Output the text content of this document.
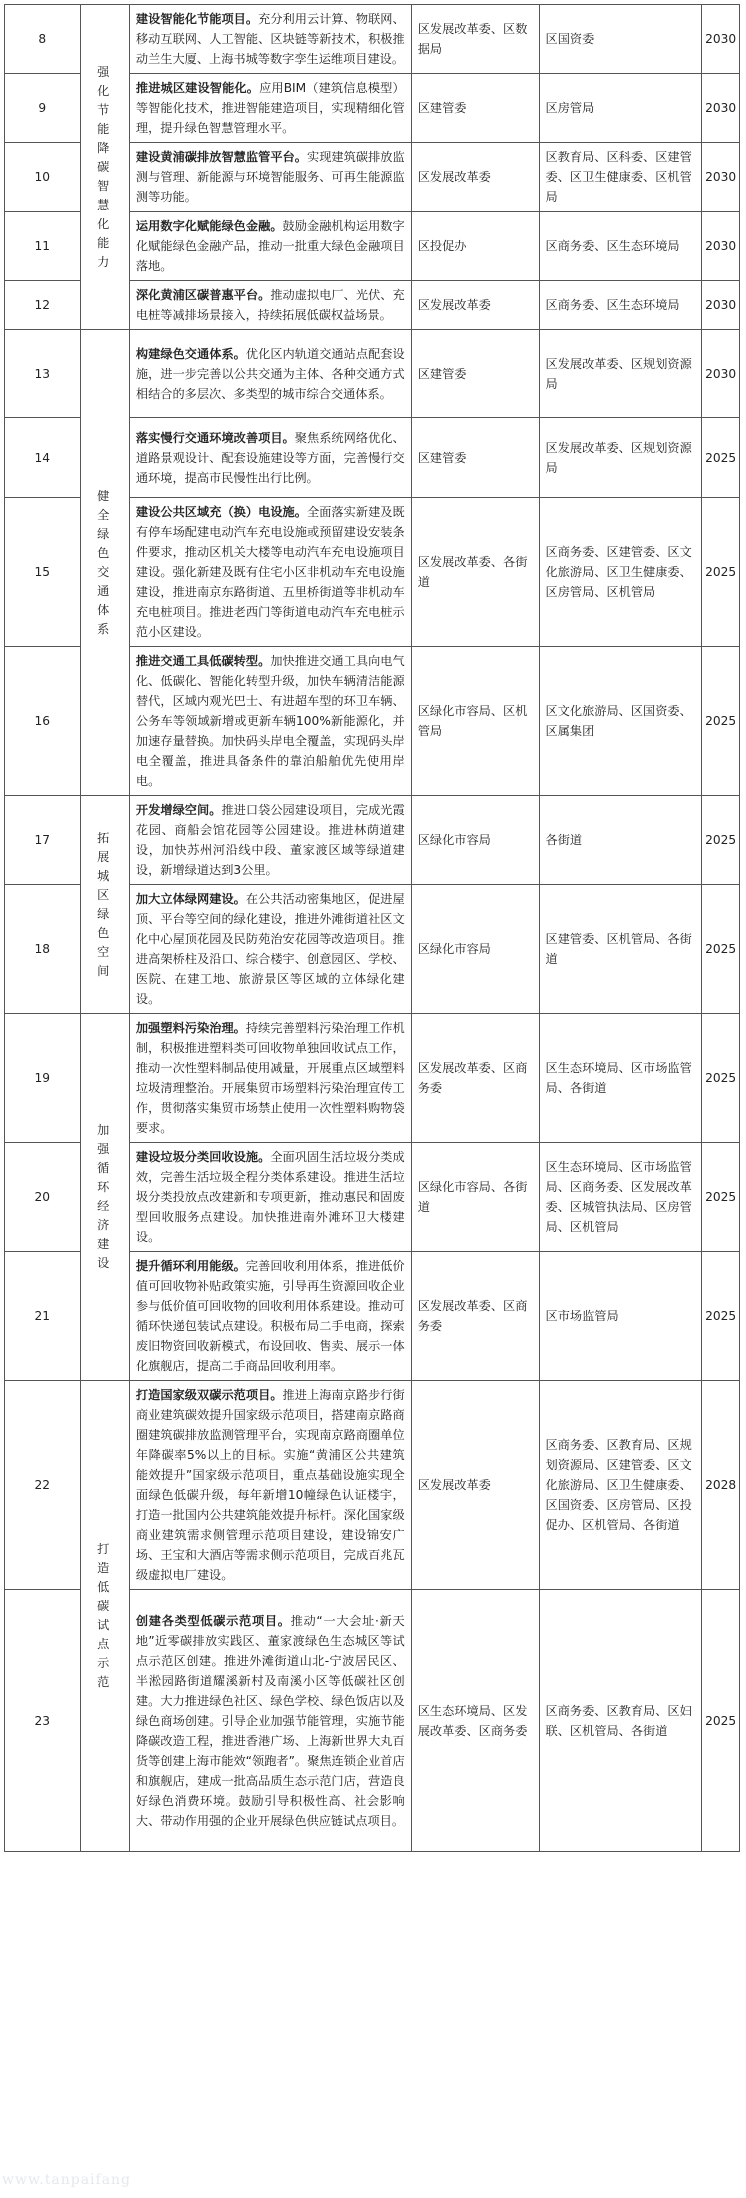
8	强化节能降碳智慧化能力	建设智能化节能项目。充分利用云计算、物联网、移动互联网、人工智能、区块链等新技术，积极推动兰生大厦、上海书城等数字孪生运维项目建设。	区发展改革委、区数据局	区国资委	2030
9		推进城区建设智能化。应用BIM（建筑信息模型）等智能化技术，推进智能建造项目，实现精细化管理，提升绿色智慧管理水平。	区建管委	区房管局	2030
10		建设黄浦碳排放智慧监管平台。实现建筑碳排放监测与管理、新能源与环境智能服务、可再生能源监测等功能。	区发展改革委	区教育局、区科委、区建管委、区卫生健康委、区机管局	2030
11		运用数字化赋能绿色金融。鼓励金融机构运用数字化赋能绿色金融产品，推动一批重大绿色金融项目落地。	区投促办	区商务委、区生态环境局	2030
12		深化黄浦区碳普惠平台。推动虚拟电厂、光伏、充电桩等减排场景接入，持续拓展低碳权益场景。	区发展改革委	区商务委、区生态环境局	2030
13	健全绿色交通体系	构建绿色交通体系。优化区内轨道交通站点配套设施，进一步完善以公共交通为主体、各种交通方式相结合的多层次、多类型的城市综合交通体系。	区建管委	区发展改革委、区规划资源局	2030
14		落实慢行交通环境改善项目。聚焦系统网络优化、道路景观设计、配套设施建设等方面，完善慢行交通环境，提高市民慢性出行比例。	区建管委	区发展改革委、区规划资源局	2025
15		建设公共区域充（换）电设施。全面落实新建及既有停车场配建电动汽车充电设施或预留建设安装条件要求，推动区机关大楼等电动汽车充电设施项目建设。强化新建及既有住宅小区非机动车充电设施建设，推进南京东路街道、五里桥街道等非机动车充电桩项目。推进老西门等街道电动汽车充电桩示范小区建设。	区发展改革委、各街道	区商务委、区建管委、区文化旅游局、区卫生健康委、区房管局、区机管局	2025
16		推进交通工具低碳转型。加快推进交通工具向电气化、低碳化、智能化转型升级，加快车辆清洁能源替代，区域内观光巴士、有进超车型的环卫车辆、公务车等领域新增或更新车辆100%新能源化，并加速存量替换。加快码头岸电全覆盖，实现码头岸电全覆盖，推进具备条件的靠泊船舶优先使用岸电。	区绿化市容局、区机管局	区文化旅游局、区国资委、区属集团	2025
17	拓展城区绿色空间	开发增绿空间。推进口袋公园建设项目，完成光霞花园、商船会馆花园等公园建设。推进林荫道建设，加快苏州河沿线中段、董家渡区域等绿道建设，新增绿道达到3公里。	区绿化市容局	各街道	2025
18		加大立体绿网建设。在公共活动密集地区，促进屋顶、平台等空间的绿化建设，推进外滩街道社区文化中心屋顶花园及民防苑治安花园等改造项目。推进高架桥柱及沿口、综合楼宇、创意园区、学校、医院、在建工地、旅游景区等区域的立体绿化建设。	区绿化市容局	区建管委、区机管局、各街道	2025
19	加强循环经济建设	加强塑料污染治理。持续完善塑料污染治理工作机制，积极推进塑料类可回收物单独回收试点工作，推动一次性塑料制品使用减量，开展重点区域塑料垃圾清理整治。开展集贸市场塑料污染治理宣传工作，贯彻落实集贸市场禁止使用一次性塑料购物袋要求。	区发展改革委、区商务委	区生态环境局、区市场监管局、各街道	2025
20		建设垃圾分类回收设施。全面巩固生活垃圾分类成效，完善生活垃圾全程分类体系建设。推进生活垃圾分类投放点改建新和专项更新，推动惠民和固废型回收服务点建设。加快推进南外滩环卫大楼建设。	区绿化市容局、各街道	区生态环境局、区市场监管局、区商务委、区发展改革委、区城管执法局、区房管局、区机管局	2025
21		提升循环利用能级。完善回收利用体系，推进低价值可回收物补贴政策实施，引导再生资源回收企业参与低价值可回收物的回收利用体系建设。推动可循环快递包装试点建设。积极布局二手电商，探索废旧物资回收新模式，布设回收、售卖、展示一体化旗舰店，提高二手商品回收利用率。	区发展改革委、区商务委	区市场监管局	2025
22	打造低碳试点示范	打造国家级双碳示范项目。推进上海南京路步行街商业建筑碳效提升国家级示范项目，搭建南京路商圈建筑碳排放监测管理平台，实现南京路商圈单位年降碳率5%以上的目标。实施“黄浦区公共建筑能效提升”国家级示范项目，重点基础设施实现全面绿色低碳升级，每年新增10幢绿色认证楼宇，打造一批国内公共建筑能效提升标杆。深化国家级商业建筑需求侧管理示范项目建设，建设锦安广场、王宝和大酒店等需求侧示范项目，完成百兆瓦级虚拟电厂建设。	区发展改革委	区商务委、区教育局、区规划资源局、区建管委、区文化旅游局、区卫生健康委、区国资委、区房管局、区投促办、区机管局、各街道	2028
23		创建各类型低碳示范项目。推动“一大会址·新天地”近零碳排放实践区、董家渡绿色生态城区等试点示范区创建。推进外滩街道山北-宁波居民区、半淞园路街道耀溪新村及南溪小区等低碳社区创建。大力推进绿色社区、绿色学校、绿色饭店以及绿色商场创建。引导企业加强节能管理，实施节能降碳改造工程，推进香港广场、上海新世界大丸百货等创建上海市能效“领跑者”。聚焦连锁企业首店和旗舰店，建成一批高品质生态示范门店，营造良好绿色消费环境。鼓励引导积极性高、社会影响大、带动作用强的企业开展绿色供应链试点项目。	区生态环境局、区发展改革委、区商务委	区商务委、区教育局、区妇联、区机管局、各街道	2025
www.tanpaifang
